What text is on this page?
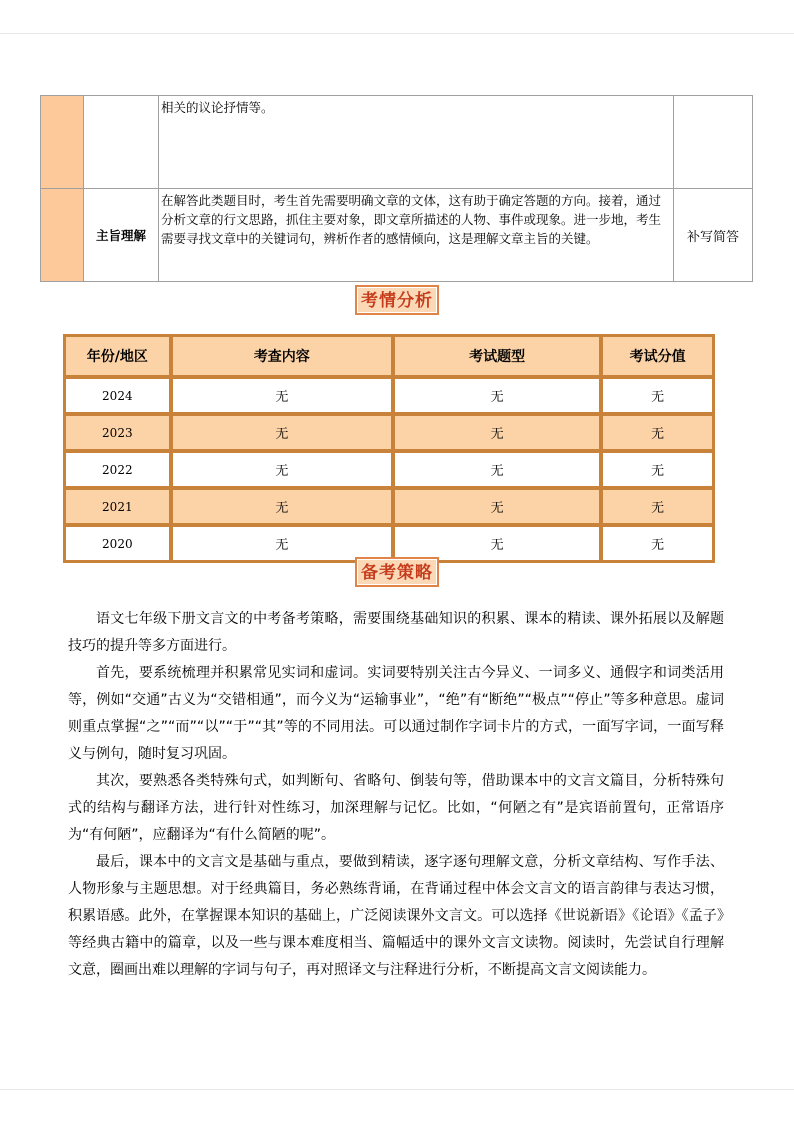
		相关的议论抒情等。	
	主旨理解	在解答此类题目时，考生首先需要明确文章的文体，这有助于确定答题的方向。接着，通过分析文章的行文思路，抓住主要对象，即文章所描述的人物、事件或现象。进一步地，考生需要寻找文章中的关键词句，辨析作者的感情倾向，这是理解文章主旨的关键。	补写简答
考情分析
年份/地区	考查内容	考试题型	考试分值
2024	无	无	无
2023	无	无	无
2022	无	无	无
2021	无	无	无
2020	无	无	无
备考策略

语文七年级下册文言文的中考备考策略，需要围绕基础知识的积累、课本的精读、课外拓展以及解题技巧的提升等多方面进行。

首先，要系统梳理并积累常见实词和虚词。实词要特别关注古今异义、一词多义、通假字和词类活用等，例如“交通”古义为“交错相通”，而今义为“运输事业”，“绝”有“断绝”“极点”“停止”等多种意思。虚词则重点掌握“之”“而”“以”“于”“其”等的不同用法。可以通过制作字词卡片的方式，一面写字词，一面写释义与例句，随时复习巩固。

其次，要熟悉各类特殊句式，如判断句、省略句、倒装句等，借助课本中的文言文篇目，分析特殊句式的结构与翻译方法，进行针对性练习，加深理解与记忆。比如，“何陋之有”是宾语前置句，正常语序为“有何陋”，应翻译为“有什么简陋的呢”。

最后，课本中的文言文是基础与重点，要做到精读，逐字逐句理解文意，分析文章结构、写作手法、人物形象与主题思想。对于经典篇目，务必熟练背诵，在背诵过程中体会文言文的语言韵律与表达习惯，积累语感。此外，在掌握课本知识的基础上，广泛阅读课外文言文。可以选择《世说新语》《论语》《孟子》等经典古籍中的篇章，以及一些与课本难度相当、篇幅适中的课外文言文读物。阅读时，先尝试自行理解文意，圈画出难以理解的字词与句子，再对照译文与注释进行分析，不断提高文言文阅读能力。
